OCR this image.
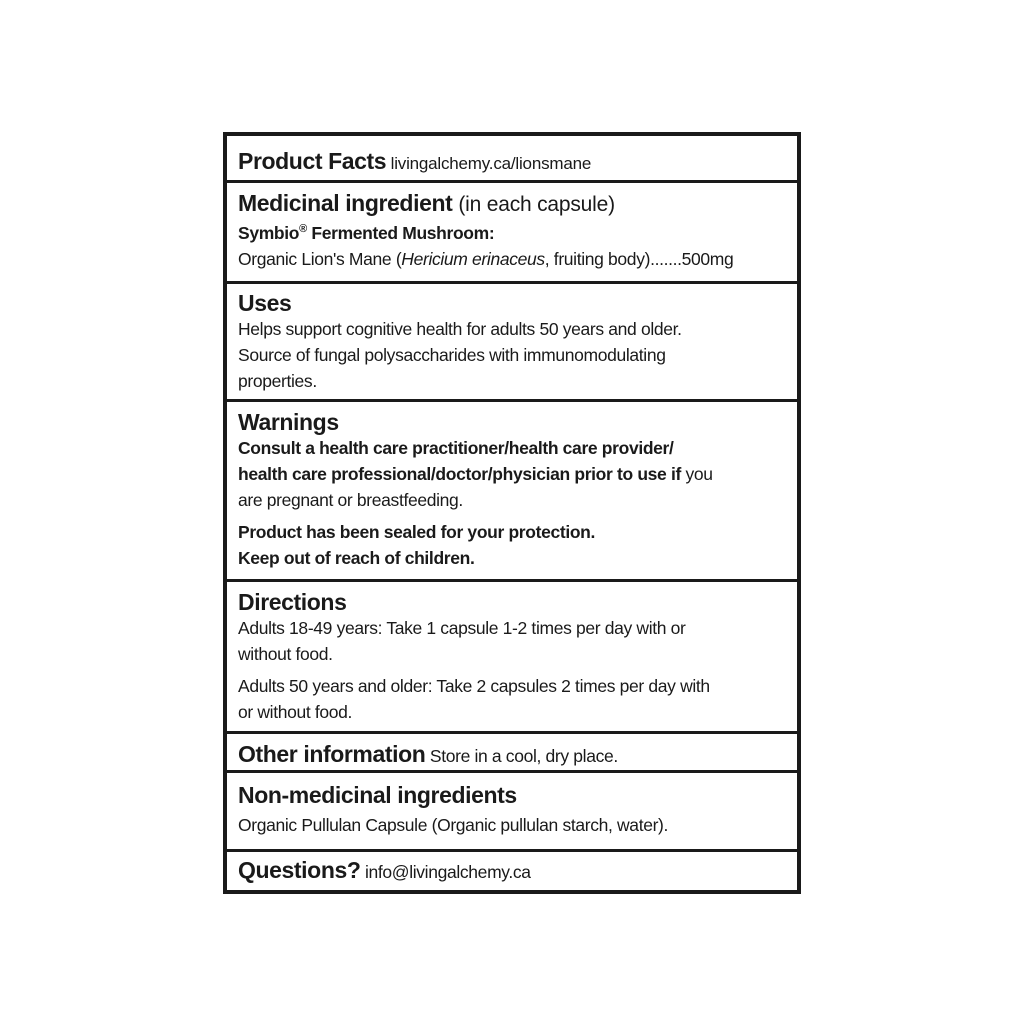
Product Facts livingalchemy.ca/lionsmane
Medicinal ingredient (in each capsule)
Symbio® Fermented Mushroom:
Organic Lion's Mane (Hericium erinaceus, fruiting body).......500mg
Uses
Helps support cognitive health for adults 50 years and older.
Source of fungal polysaccharides with immunomodulating
properties.
Warnings
Consult a health care practitioner/health care provider/
health care professional/doctor/physician prior to use if you
are pregnant or breastfeeding.
Product has been sealed for your protection.
Keep out of reach of children.
Directions
Adults 18-49 years: Take 1 capsule 1-2 times per day with or
without food.
Adults 50 years and older: Take 2 capsules 2 times per day with
or without food.
Other information Store in a cool, dry place.
Non-medicinal ingredients
Organic Pullulan Capsule (Organic pullulan starch, water).
Questions? info@livingalchemy.ca
